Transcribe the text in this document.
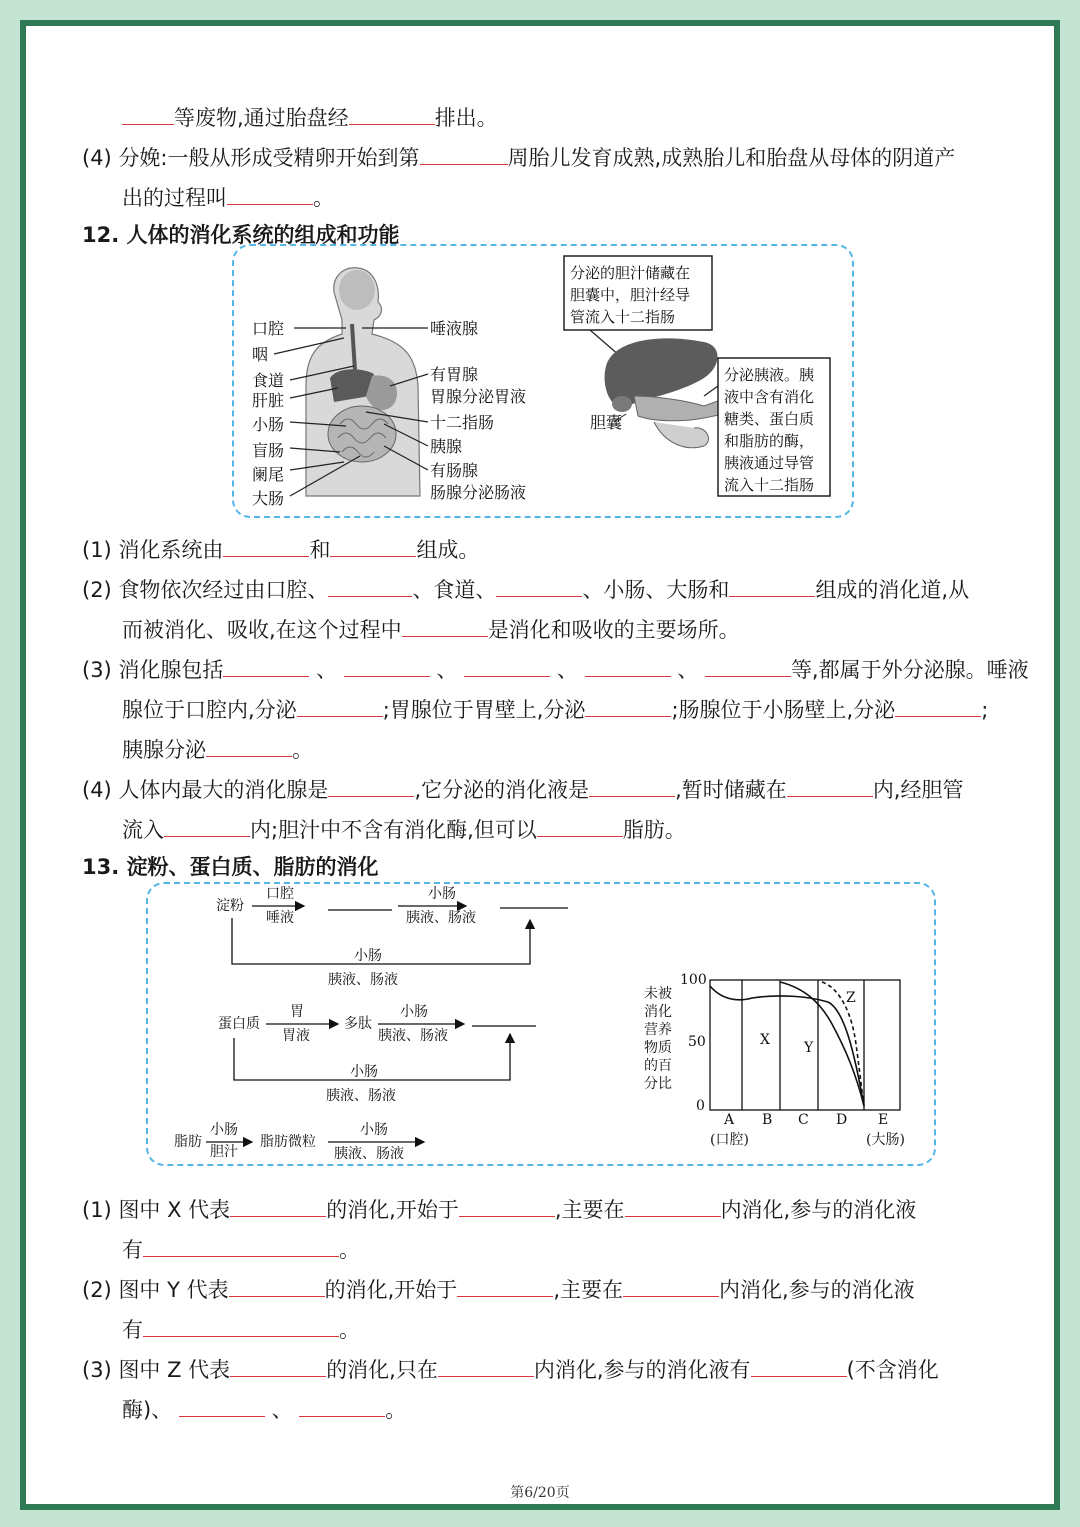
等废物,通过胎盘经	排出。
(4) 分娩:一般从形成受精卵开始到第	周胎儿发育成熟,成熟胎儿和胎盘从母体的阴道产
出的过程叫	。
12. 人体的消化系统的组成和功能
口腔
咽
食道
肝脏
小肠
盲肠
阑尾
大肠
唾液腺
有胃腺
胃腺分泌胃液
十二指肠
胰腺
有肠腺
肠腺分泌肠液
分泌的胆汁储藏在
胆囊中，胆汁经导
管流入十二指肠
胆囊
分泌胰液。胰
液中含有消化
糖类、蛋白质
和脂肪的酶，
胰液通过导管
流入十二指肠
(1) 消化系统由	和	组成。
(2) 食物依次经过由口腔、	、食道、	、小肠、大肠和	组成的消化道,从
而被消化、吸收,在这个过程中	是消化和吸收的主要场所。
(3) 消化腺包括	、	、	、	、	等,都属于外分泌腺。唾液
腺位于口腔内,分泌	;胃腺位于胃壁上,分泌	;肠腺位于小肠壁上,分泌	;
胰腺分泌	。
(4) 人体内最大的消化腺是	,它分泌的消化液是	,暂时储藏在	内,经胆管
流入	内;胆汁中不含有消化酶,但可以	脂肪。
13. 淀粉、蛋白质、脂肪的消化
淀粉
口腔
唾液
小肠
胰液、肠液
小肠
胰液、肠液
蛋白质
胃
胃液
多肽
小肠
胰液、肠液
小肠
胰液、肠液
脂肪
小肠
胆汁
脂肪微粒
小肠
胰液、肠液
未被
消化
营养
物质
的百
分比
100
50
0
A B C D E
(口腔)	(大肠)
X Y
Z
(1) 图中 X 代表	的消化,开始于	,主要在	内消化,参与的消化液
有	。
(2) 图中 Y 代表	的消化,开始于	,主要在	内消化,参与的消化液
有	。
(3) 图中 Z 代表	的消化,只在	内消化,参与的消化液有	(不含消化
酶)、	、	。
第6/20页
